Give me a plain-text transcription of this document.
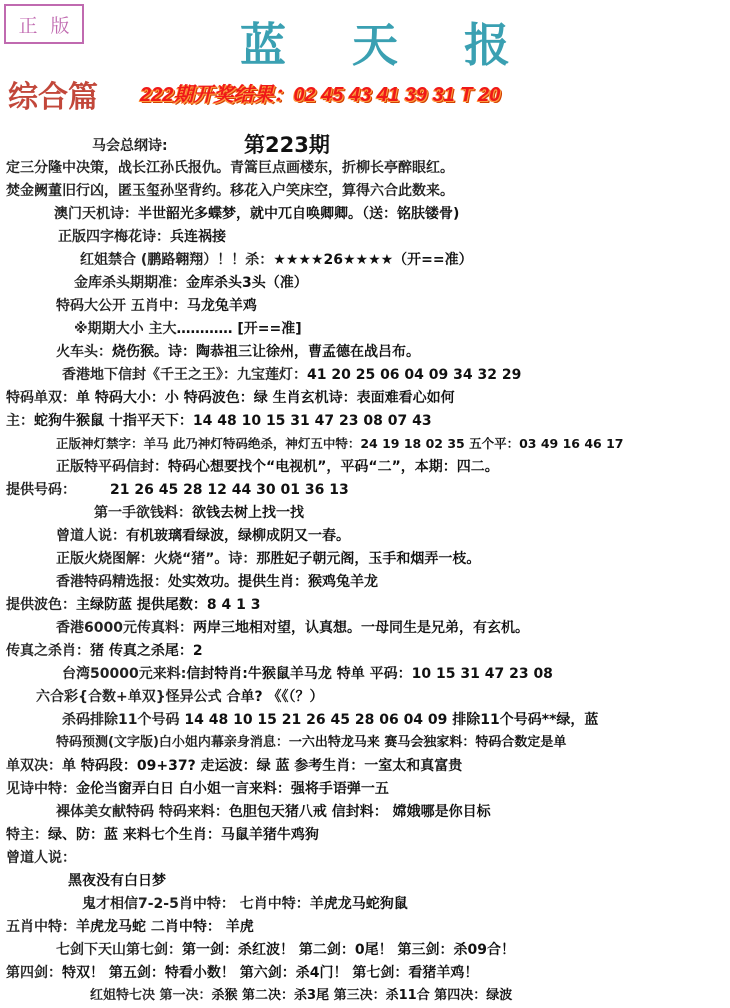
正 版	蓝 天 报
综合篇 222期开奖结果：02 45 43 41 39 31 T 20
第223期
马会总纲诗:
定三分隆中决策，战长江孙氏报仇。青篙巨点画楼东，折柳长亭醉眼红。
焚金阙董旧行凶，匿玉玺孙坚背约。移花入户笑床空，算得六合此数来。
澳门天机诗：半世韶光多蝶梦，就中兀自唤卿卿。（送：铭肤镂骨)
正版四字梅花诗：兵连祸接
红姐禁合 (鹏路翱翔）！！杀：★★★★26★★★★（开==准）
金库杀头期期准：金库杀头3头（准）
特码大公开 五肖中：马龙兔羊鸡
※期期大小 主大………… [开==准]
火车头：烧伤猴。诗：陶恭祖三让徐州，曹孟德在战吕布。
香港地下信封《千王之王》：九宝莲灯：41 20 25 06 04 09 34 32 29
特码单双：单 特码大小：小 特码波色：绿 生肖玄机诗：表面难看心如何
主：蛇狗牛猴鼠 十指平天下：14 48 10 15 31 47 23 08 07 43
正版神灯禁字：羊马 此乃神灯特码绝杀，神灯五中特：24 19 18 02 35 五个平：03 49 16 46 17
正版特平码信封：特码心想要找个“电视机”，平码“二”，本期：四二。
提供号码： 21 26 45 28 12 44 30 01 36 13
第一手欲钱料：欲钱去树上找一找
曾道人说：有机玻璃看绿波，绿柳成阴又一春。
正版火烧图解：火烧“猪”。诗：那胜妃子朝元阁，玉手和烟弄一枝。
香港特码精选报：处实效功。提供生肖：猴鸡兔羊龙
提供波色：主绿防蓝 提供尾数：8 4 1 3
香港6000元传真料：两岸三地相对望，认真想。一母同生是兄弟，有玄机。
传真之杀肖：猪 传真之杀尾：2
台湾50000元来料:信封特肖:牛猴鼠羊马龙 特单 平码：10 15 31 47 23 08
六合彩{合数+单双}怪异公式 合单? 《《（？）
杀码排除11个号码 14 48 10 15 21 26 45 28 06 04 09 排除11个号码**绿，蓝
特码预测(文字版)白小姐内幕亲身消息：一六出特龙马来 赛马会独家料：特码合数定是单
单双决：单 特码段：09+37? 走运波：绿 蓝 参考生肖：一室太和真富贵
见诗中特：金伦当窗弄白日 白小姐一言来料：强将手语弹一五
裸体美女献特码 特码来料：色胆包天猪八戒 信封料： 嫦娥哪是你目标
特主：绿、防：蓝 来料七个生肖：马鼠羊猪牛鸡狗
曾道人说：
黑夜没有白日梦
鬼才相信7-2-5肖中特： 七肖中特：羊虎龙马蛇狗鼠
五肖中特：羊虎龙马蛇 二肖中特： 羊虎
七剑下天山第七剑：第一剑：杀红波！ 第二剑：0尾！ 第三剑：杀09合！
第四剑：特双！ 第五剑：特看小数！ 第六剑：杀4门！ 第七剑：看猪羊鸡！
红姐特七决 第一决：杀猴 第二决：杀3尾 第三决：杀11合 第四决：绿波
